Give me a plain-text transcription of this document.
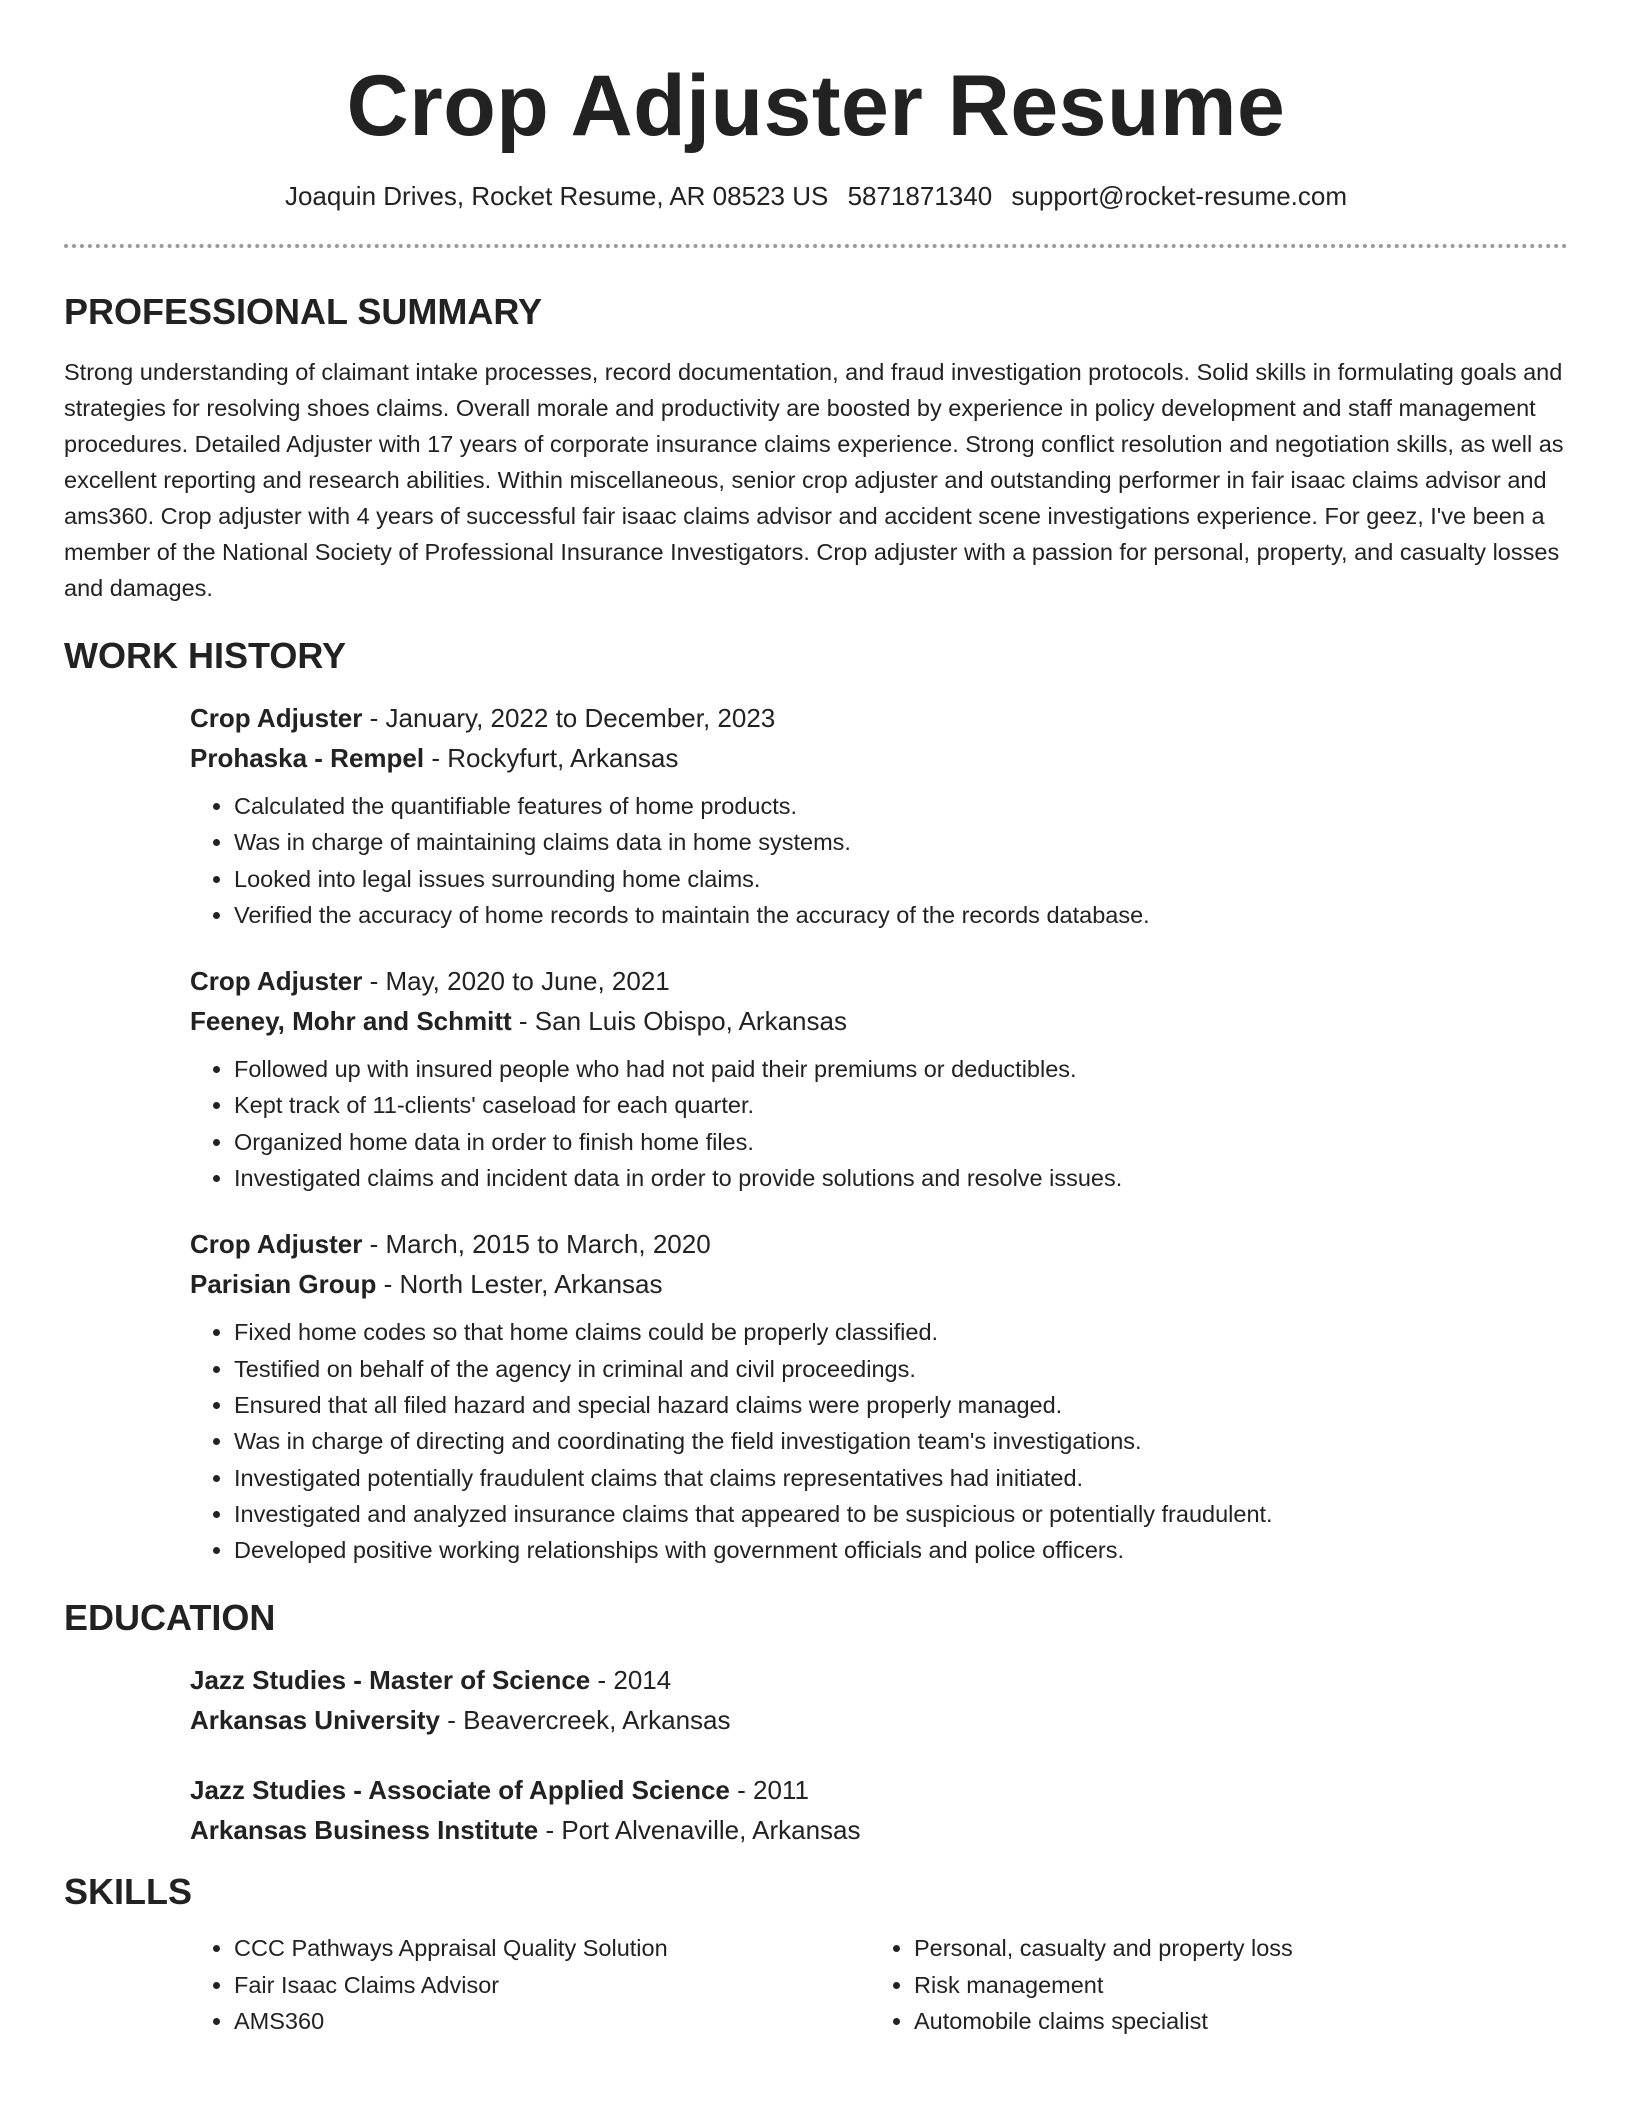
Crop Adjuster Resume
Joaquin Drives, Rocket Resume, AR 08523 US 5871871340 support@rocket-resume.com
PROFESSIONAL SUMMARY

Strong understanding of claimant intake processes, record documentation, and fraud investigation protocols. Solid skills in formulating goals and strategies for resolving shoes claims. Overall morale and productivity are boosted by experience in policy development and staff management procedures. Detailed Adjuster with 17 years of corporate insurance claims experience. Strong conflict resolution and negotiation skills, as well as excellent reporting and research abilities. Within miscellaneous, senior crop adjuster and outstanding performer in fair isaac claims advisor and ams360. Crop adjuster with 4 years of successful fair isaac claims advisor and accident scene investigations experience. For geez, I've been a member of the National Society of Professional Insurance Investigators. Crop adjuster with a passion for personal, property, and casualty losses and damages.

WORK HISTORY

Crop Adjuster - January, 2022 to December, 2023

Prohaska - Rempel - Rockyfurt, Arkansas

• Calculated the quantifiable features of home products.
• Was in charge of maintaining claims data in home systems.
• Looked into legal issues surrounding home claims.
• Verified the accuracy of home records to maintain the accuracy of the records database.

Crop Adjuster - May, 2020 to June, 2021

Feeney, Mohr and Schmitt - San Luis Obispo, Arkansas

• Followed up with insured people who had not paid their premiums or deductibles.
• Kept track of 11-clients' caseload for each quarter.
• Organized home data in order to finish home files.
• Investigated claims and incident data in order to provide solutions and resolve issues.

Crop Adjuster - March, 2015 to March, 2020

Parisian Group - North Lester, Arkansas

• Fixed home codes so that home claims could be properly classified.
• Testified on behalf of the agency in criminal and civil proceedings.
• Ensured that all filed hazard and special hazard claims were properly managed.
• Was in charge of directing and coordinating the field investigation team's investigations.
• Investigated potentially fraudulent claims that claims representatives had initiated.
• Investigated and analyzed insurance claims that appeared to be suspicious or potentially fraudulent.
• Developed positive working relationships with government officials and police officers.
EDUCATION

Jazz Studies - Master of Science - 2014

Arkansas University - Beavercreek, Arkansas

Jazz Studies - Associate of Applied Science - 2011

Arkansas Business Institute - Port Alvenaville, Arkansas

SKILLS
• CCC Pathways Appraisal Quality Solution
• Fair Isaac Claims Advisor
• AMS360
• Personal, casualty and property loss
• Risk management
• Automobile claims specialist
